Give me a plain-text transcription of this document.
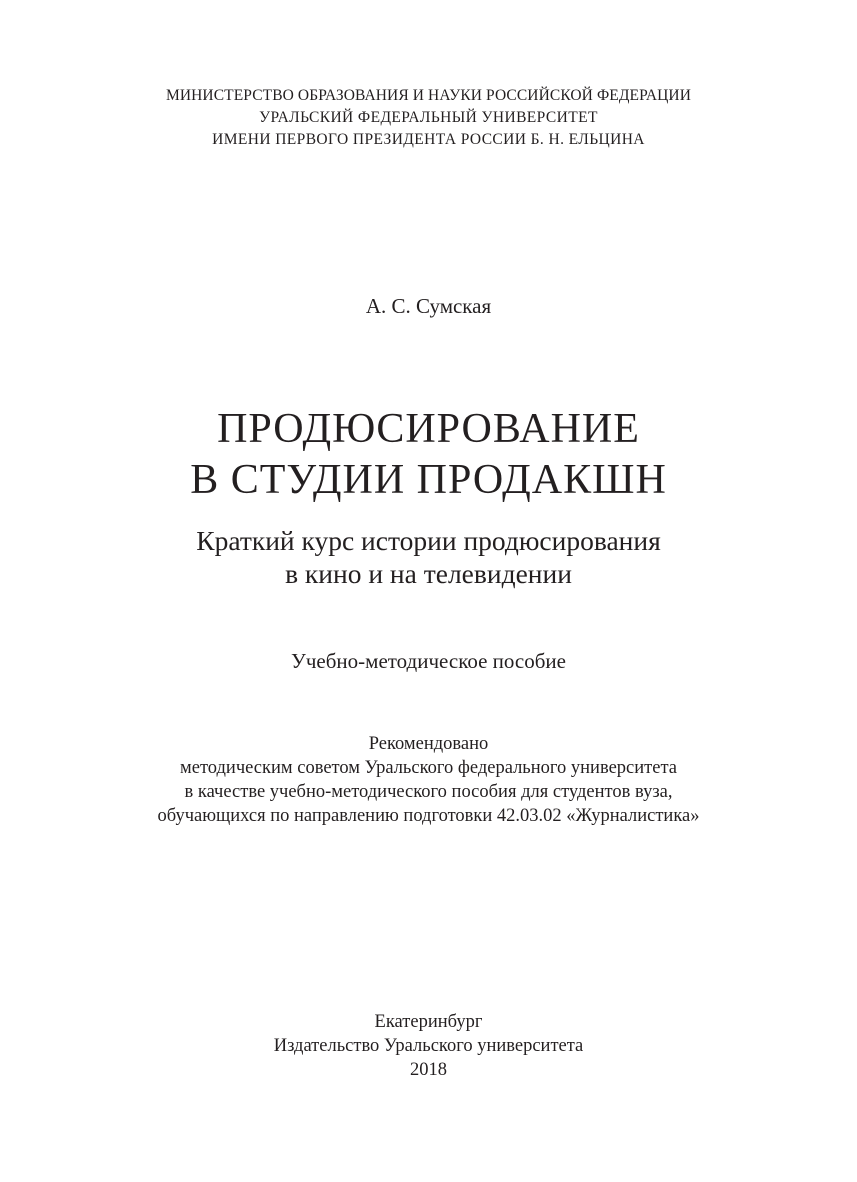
МИНИСТЕРСТВО ОБРАЗОВАНИЯ И НАУКИ РОССИЙСКОЙ ФЕДЕРАЦИИ
УРАЛЬСКИЙ ФЕДЕРАЛЬНЫЙ УНИВЕРСИТЕТ
ИМЕНИ ПЕРВОГО ПРЕЗИДЕНТА РОССИИ Б. Н. ЕЛЬЦИНА
А. С. Сумская
ПРОДЮСИРОВАНИЕ
В СТУДИИ ПРОДАКШН
Краткий курс истории продюсирования
в кино и на телевидении
Учебно-методическое пособие
Рекомендовано
методическим советом Уральского федерального университета
в качестве учебно-методического пособия для студентов вуза,
обучающихся по направлению подготовки 42.03.02 «Журналистика»
Екатеринбург
Издательство Уральского университета
2018
